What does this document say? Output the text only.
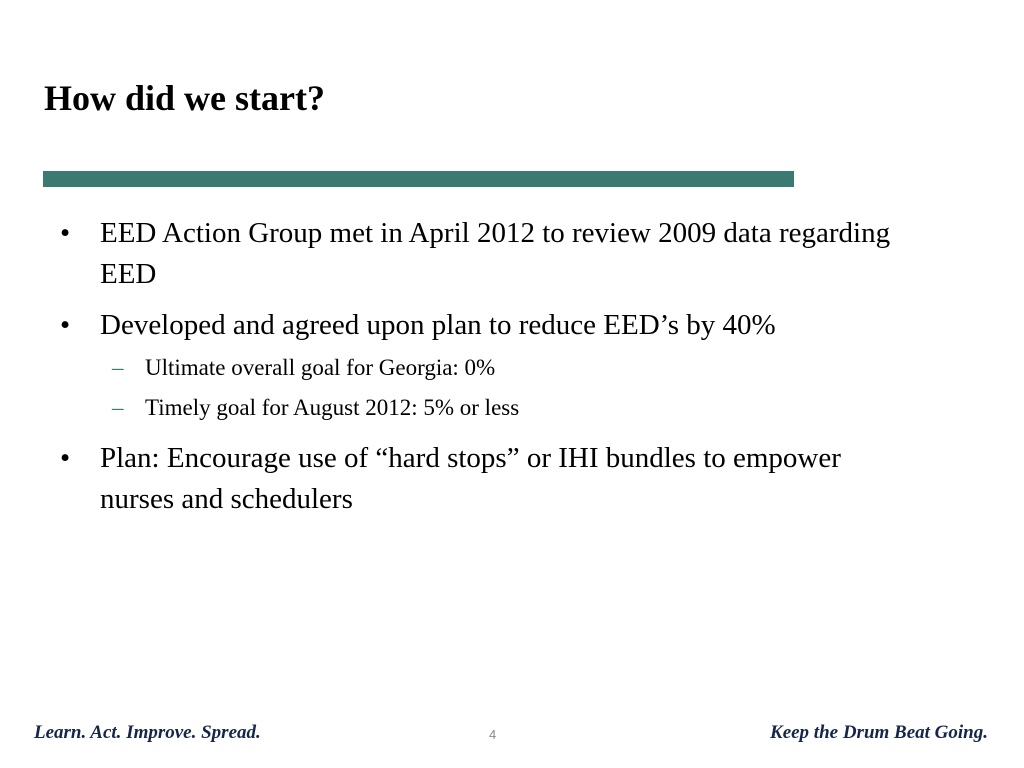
How did we start?
• EED Action Group met in April 2012 to review 2009 data regarding EED
• Developed and agreed upon plan to reduce EED’s by 40%
– Ultimate overall goal for Georgia: 0%
– Timely goal for August 2012: 5% or less
• Plan: Encourage use of “hard stops” or IHI bundles to empower nurses and schedulers
Learn. Act. Improve. Spread.	4	Keep the Drum Beat Going.
